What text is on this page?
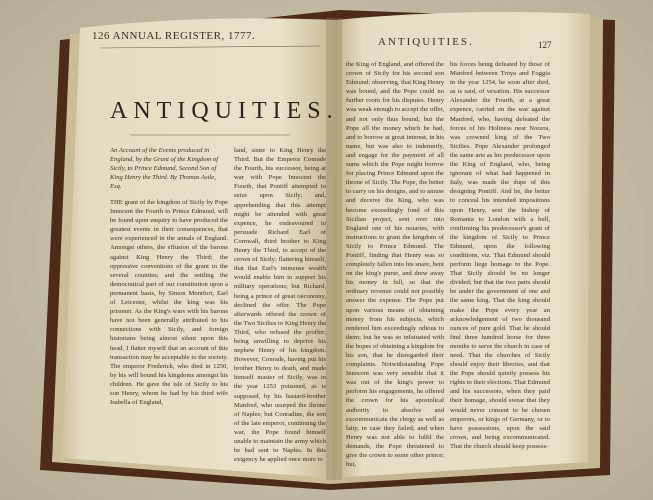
126 ANNUAL REGISTER, 1777.
ANTIQUITIES.
An Account of the Events produced in England, by the Grant of the Kingdom of Sicily, to Prince Edmund, Second Son of King Henry the Third. By Thomas Astle, Esq.
THE grant of the kingdom of Sicily by Pope Innocent the Fourth to Prince Edmund, will be found upon enquiry to have produced the greatest events in their consequences, that were experienced in the annals of England. Amongst others, the effusion of the barons against King Henry the Third; the oppressive conventions of the grant in the several counties; and the settling the democratical part of our constitution upon a permanent basis, by Simon Montfort, Earl of Leicester, whilst the king was his prisoner. As the King's wars with his barons have not been generally attributed to his connections with Sicily, and foreign historians being almost silent upon this head, I flatter myself that an account of this transaction may be acceptable to the society. The emperor Frederick, who died in 1250, by his will bound his kingdoms amongst his children. He gave the isle of Sicily to his son Henry, whom he had by his third wife Isabella of England,
land, sister to King Henry the Third. But the Emperor Conrade the Fourth, his successor, being at war with Pope Innocent the Fourth, that Pontiff attempted to seize upon Sicily; and, apprehending that this attempt might be attended with great expence, he endeavoured to persuade Richard Earl of Cornwall, third brother to King Henry the Third, to accept of the crown of Sicily; flattering himself, that that Earl's immense wealth would enable him to support his military operations; but Richard, being a prince of great oeconomy, declined the offer. The Pope afterwards offered the crown of the Two Sicilies to King Henry the Third, who refused the proffer; being unwilling to deprive his nephew Henry of his kingdom. However, Conrade, having put his brother Henry to death, and made himself master of Sicily, was in the year 1253 poisoned, as is supposed, by his bastard-brother Manfred, who usurped the throne of Naples; but Conradine, the son of the late emperor, continuing the war, the Pope found himself unable to maintain the army which he had sent to Naples. In this exigency he applied once more to
ANTIQUITIES.	127
the King of England, and offered the crown of Sicily for his second son Edmund; observing, that King Henry was bound, and the Pope could no further room for his disputes. Henry was weak enough to accept the offer, and not only thus bound, but the Pope all the money which he had, and to borrow at great interest, in his name, but was also to indemnify, and engage for the payment of all sums which the Pope might borrow for placing Prince Edmund upon the throne of Sicily. The Pope, the better to carry on his designs, and to amuse and deceive the King, who was become exceedingly fond of this Sicilian project, sent over into England one of his notaries, with instructions to grant the kingdom of Sicily to Prince Edmund. The Pontiff, finding that Henry was so completely fallen into his snare, bent on the king's purse, and drew away his money in full, so that the ordinary revenue could not possibly answer the expense. The Pope put upon various means of obtaining money from his subjects, which rendered him exceedingly odious to them; but he was so infatuated with the hopes of obtaining a kingdom for his son, that he disregarded their complaints. Notwithstanding Pope Innocent was very sensible that it was out of the king's power to perform his engagements, he offered the crown for his apostolical authority to absolve and excommunicate the clergy as well as laity, in case they failed; and when Henry was not able to fulfil the demands, the Pope threatened to give the crown to some other prince; but,
his forces being defeated by those of Manfred between Troya and Foggia in the year 1254, he soon after died, as is said, of vexation. His successor Alexander the Fourth, at a great expence, carried on the war against Manfred, who, having defeated the forces of his Holiness near Nocera, was crowned king of the Two Sicilies. Pope Alexander prolonged the same arts as his predecessor upon the King of England, who, being ignorant of what had happened in Italy, was made the dupe of this designing Pontiff. And he, the better to conceal his intended impositions upon Henry, sent the bishop of Romania to London with a bull, confirming his predecessor's grant of the kingdom of Sicily to Prince Edmund, upon the following conditions, viz. That Edmund should perform liege homage to the Pope. That Sicily should be no longer divided; but that the two parts should be under the government of one and the same king. That the king should make the Pope every year an acknowledgement of two thousand ounces of pure gold. That he should find three hundred horse for three months to serve the church in case of need. That the churches of Sicily should enjoy their liberties, and that the Pope should quietly possess his rights to their elections. That Edmund and his successors, when they paid their homage, should swear that they would never consent to be chosen emperors, or kings of Germany, or to have possessions, upon the said crown, and being excommunicated. That the church should keep possess-
